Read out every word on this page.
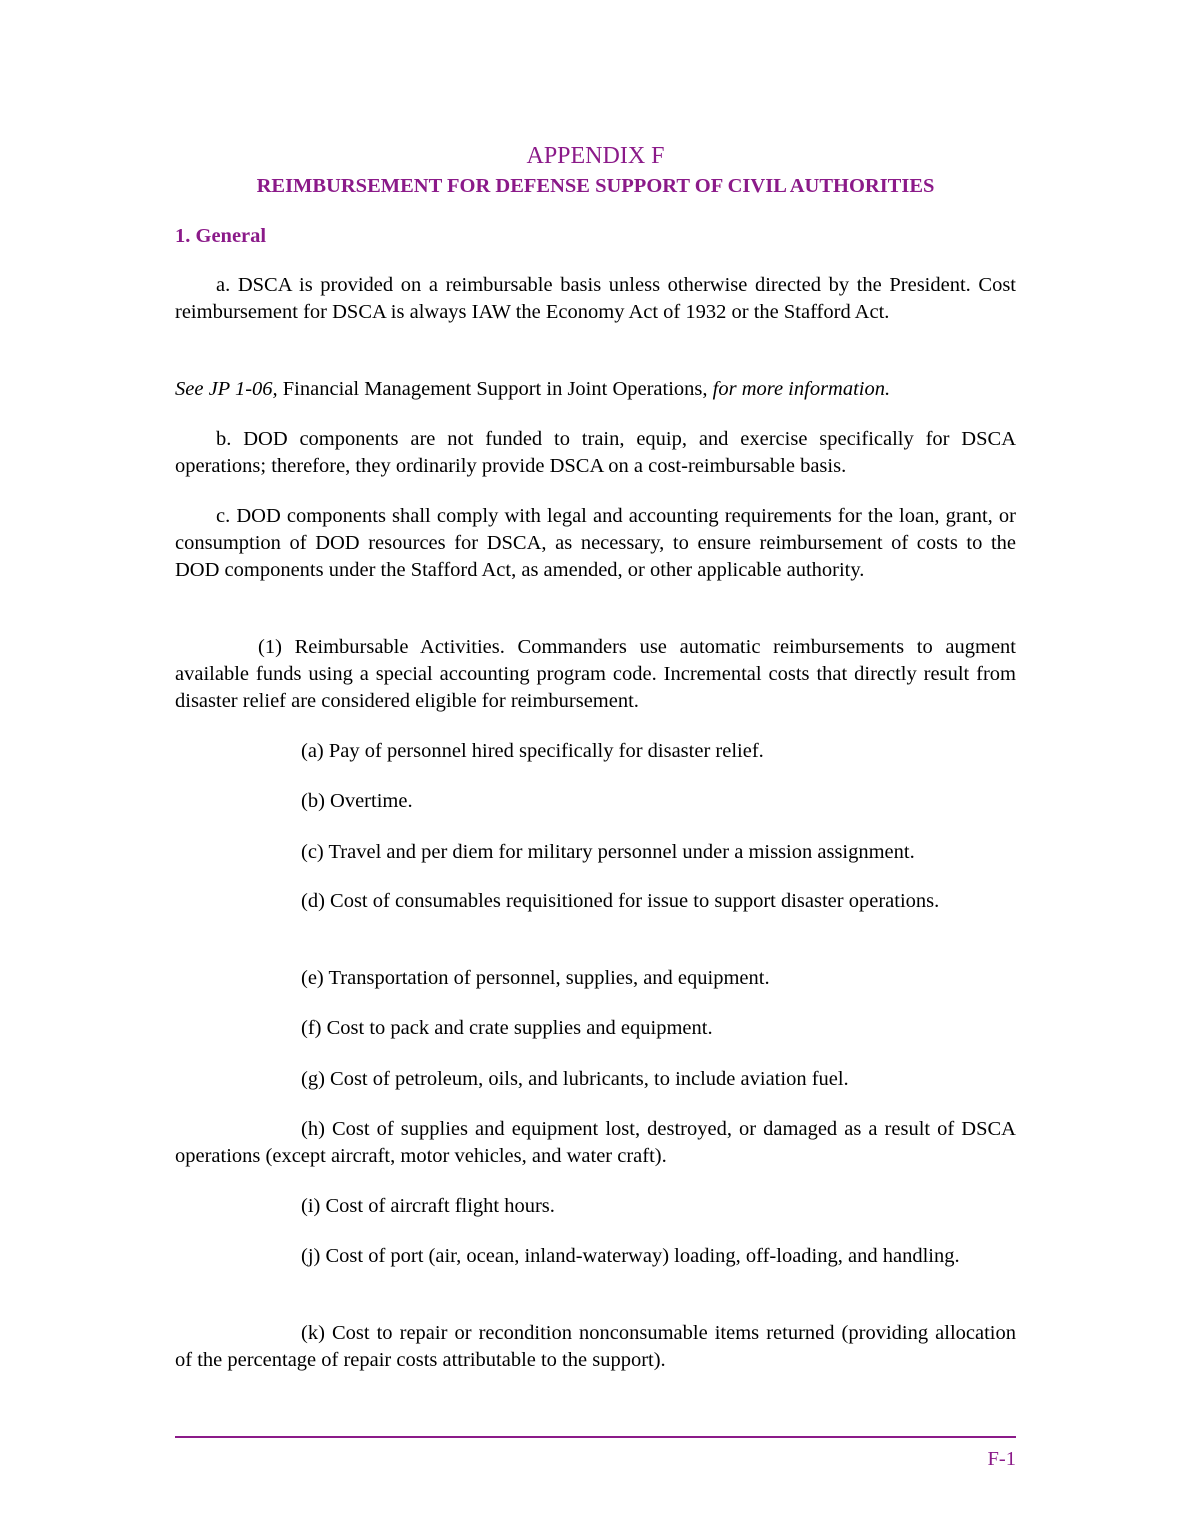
APPENDIX F
REIMBURSEMENT FOR DEFENSE SUPPORT OF CIVIL AUTHORITIES
1. General

a. DSCA is provided on a reimbursable basis unless otherwise directed by the President. Cost reimbursement for DSCA is always IAW the Economy Act of 1932 or the Stafford Act.

See JP 1-06, Financial Management Support in Joint Operations, for more information.

b. DOD components are not funded to train, equip, and exercise specifically for DSCA operations; therefore, they ordinarily provide DSCA on a cost-reimbursable basis.

c. DOD components shall comply with legal and accounting requirements for the loan, grant, or consumption of DOD resources for DSCA, as necessary, to ensure reimbursement of costs to the DOD components under the Stafford Act, as amended, or other applicable authority.

(1) Reimbursable Activities. Commanders use automatic reimbursements to augment available funds using a special accounting program code. Incremental costs that directly result from disaster relief are considered eligible for reimbursement.

(a) Pay of personnel hired specifically for disaster relief.
(b) Overtime.
(c) Travel and per diem for military personnel under a mission assignment.

(d) Cost of consumables requisitioned for issue to support disaster operations.

(e) Transportation of personnel, supplies, and equipment.
(f) Cost to pack and crate supplies and equipment.
(g) Cost of petroleum, oils, and lubricants, to include aviation fuel.

(h) Cost of supplies and equipment lost, destroyed, or damaged as a result of DSCA operations (except aircraft, motor vehicles, and water craft).

(i) Cost of aircraft flight hours.

(j) Cost of port (air, ocean, inland-waterway) loading, off-loading, and handling.

(k) Cost to repair or recondition nonconsumable items returned (providing allocation of the percentage of repair costs attributable to the support).

F-1
